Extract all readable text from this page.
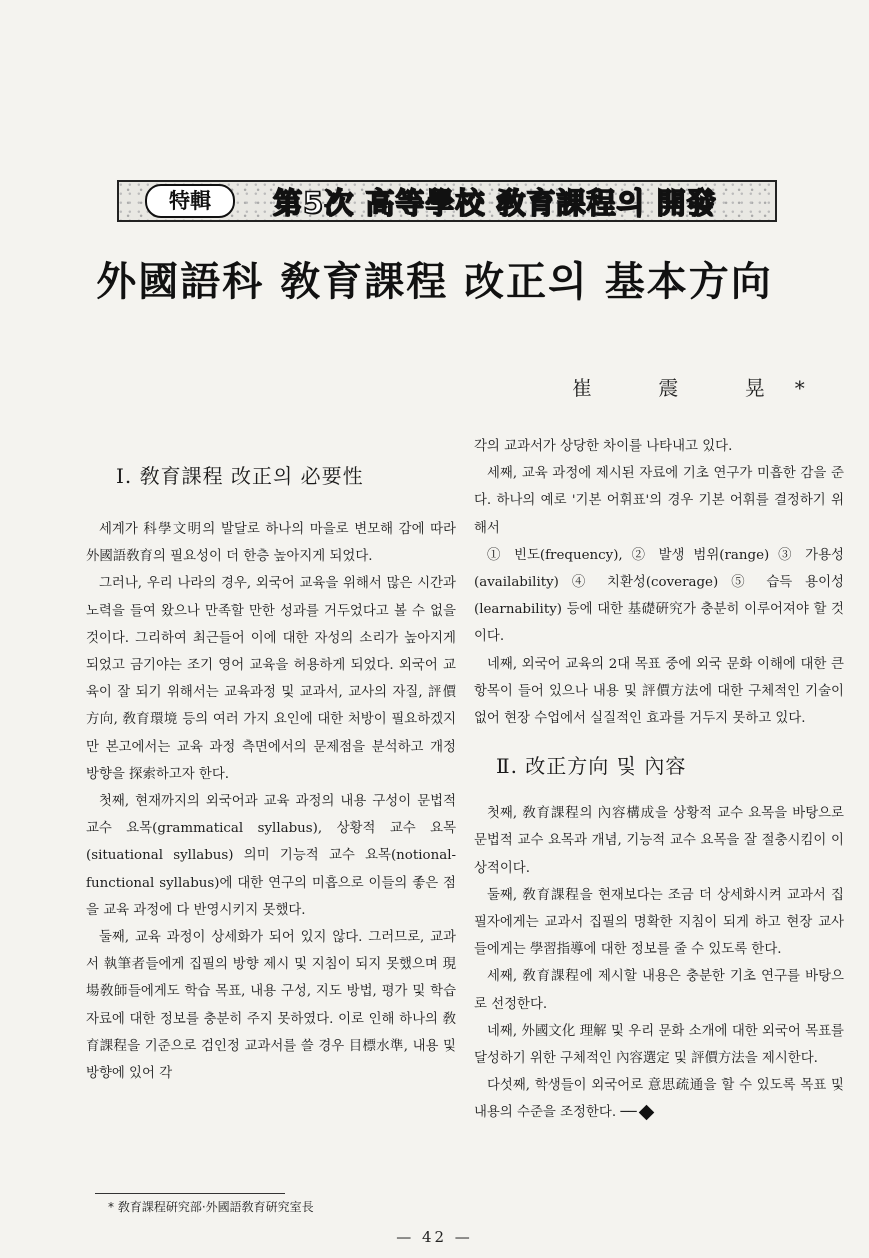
特輯	第5次 高等學校 敎育課程의 開發
外國語科 敎育課程 改正의 基本方向
崔 震 晃*

Ⅰ. 敎育課程 改正의 必要性

세계가 科學文明의 발달로 하나의 마을로 변모해 감에 따라 外國語敎育의 필요성이 더 한층 높아지게 되었다.

그러나, 우리 나라의 경우, 외국어 교육을 위해서 많은 시간과 노력을 들여 왔으나 만족할 만한 성과를 거두었다고 볼 수 없을 것이다. 그리하여 최근들어 이에 대한 자성의 소리가 높아지게 되었고 금기야는 조기 영어 교육을 허용하게 되었다. 외국어 교육이 잘 되기 위해서는 교육과정 및 교과서, 교사의 자질, 評價方向, 敎育環境 등의 여러 가지 요인에 대한 처방이 필요하겠지만 본고에서는 교육 과정 측면에서의 문제점을 분석하고 개정 방향을 探索하고자 한다.

첫째, 현재까지의 외국어과 교육 과정의 내용 구성이 문법적 교수 요목(grammatical syllabus), 상황적 교수 요목(situational syllabus) 의미 기능적 교수 요목(notional-functional syllabus)에 대한 연구의 미흡으로 이들의 좋은 점을 교육 과정에 다 반영시키지 못했다.

둘째, 교육 과정이 상세화가 되어 있지 않다. 그러므로, 교과서 執筆者들에게 집필의 방향 제시 및 지침이 되지 못했으며 現場敎師들에게도 학습 목표, 내용 구성, 지도 방법, 평가 및 학습 자료에 대한 정보를 충분히 주지 못하였다. 이로 인해 하나의 敎育課程을 기준으로 검인정 교과서를 쓸 경우 目標水準, 내용 및 방향에 있어 각

각의 교과서가 상당한 차이를 나타내고 있다.

세째, 교육 과정에 제시된 자료에 기초 연구가 미흡한 감을 준다. 하나의 예로 '기본 어휘표'의 경우 기본 어휘를 결정하기 위해서

① 빈도(frequency), ② 발생 범위(range) ③ 가용성(availability) ④ 치환성(coverage) ⑤ 습득 용이성(learnability) 등에 대한 基礎硏究가 충분히 이루어져야 할 것이다.

네째, 외국어 교육의 2대 목표 중에 외국 문화 이해에 대한 큰 항목이 들어 있으나 내용 및 評價方法에 대한 구체적인 기술이 없어 현장 수업에서 실질적인 효과를 거두지 못하고 있다.

Ⅱ. 改正方向 및 內容

첫째, 敎育課程의 內容構成을 상황적 교수 요목을 바탕으로 문법적 교수 요목과 개념, 기능적 교수 요목을 잘 절충시킴이 이상적이다.

둘째, 敎育課程을 현재보다는 조금 더 상세화시켜 교과서 집필자에게는 교과서 집필의 명확한 지침이 되게 하고 현장 교사들에게는 學習指導에 대한 정보를 줄 수 있도록 한다.

세째, 敎育課程에 제시할 내용은 충분한 기초 연구를 바탕으로 선정한다.

네째, 外國文化 理解 및 우리 문화 소개에 대한 외국어 목표를 달성하기 위한 구체적인 內容選定 및 評價方法을 제시한다.

다섯째, 학생들이 외국어로 意思疏通을 할 수 있도록 목표 및 내용의 수준을 조정한다. ──

* 敎育課程硏究部·外國語敎育硏究室長
— 42 —
